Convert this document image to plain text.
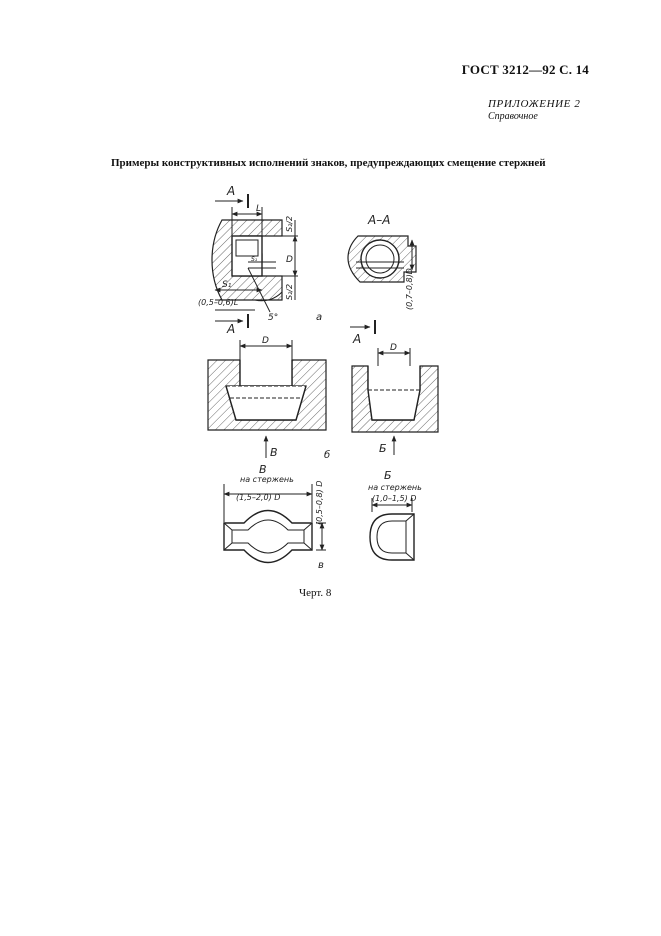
ГОСТ 3212—92 С. 14
ПРИЛОЖЕНИЕ 2
Справочное
Примеры конструктивных исполнений знаков, предупреждающих смещение стержней
А
L
S₂/2
S₂/2
S₁
S₁
D
(0,5–0,6)L
5°
А
а
А–А
(0,7–0,8)D
А
D
В
D
Б
б
В
на стержень
(1,5–2,0) D	(0,5–0,8) D
в
Б
на стержень
(1,0–1,5) D
Черт. 8
